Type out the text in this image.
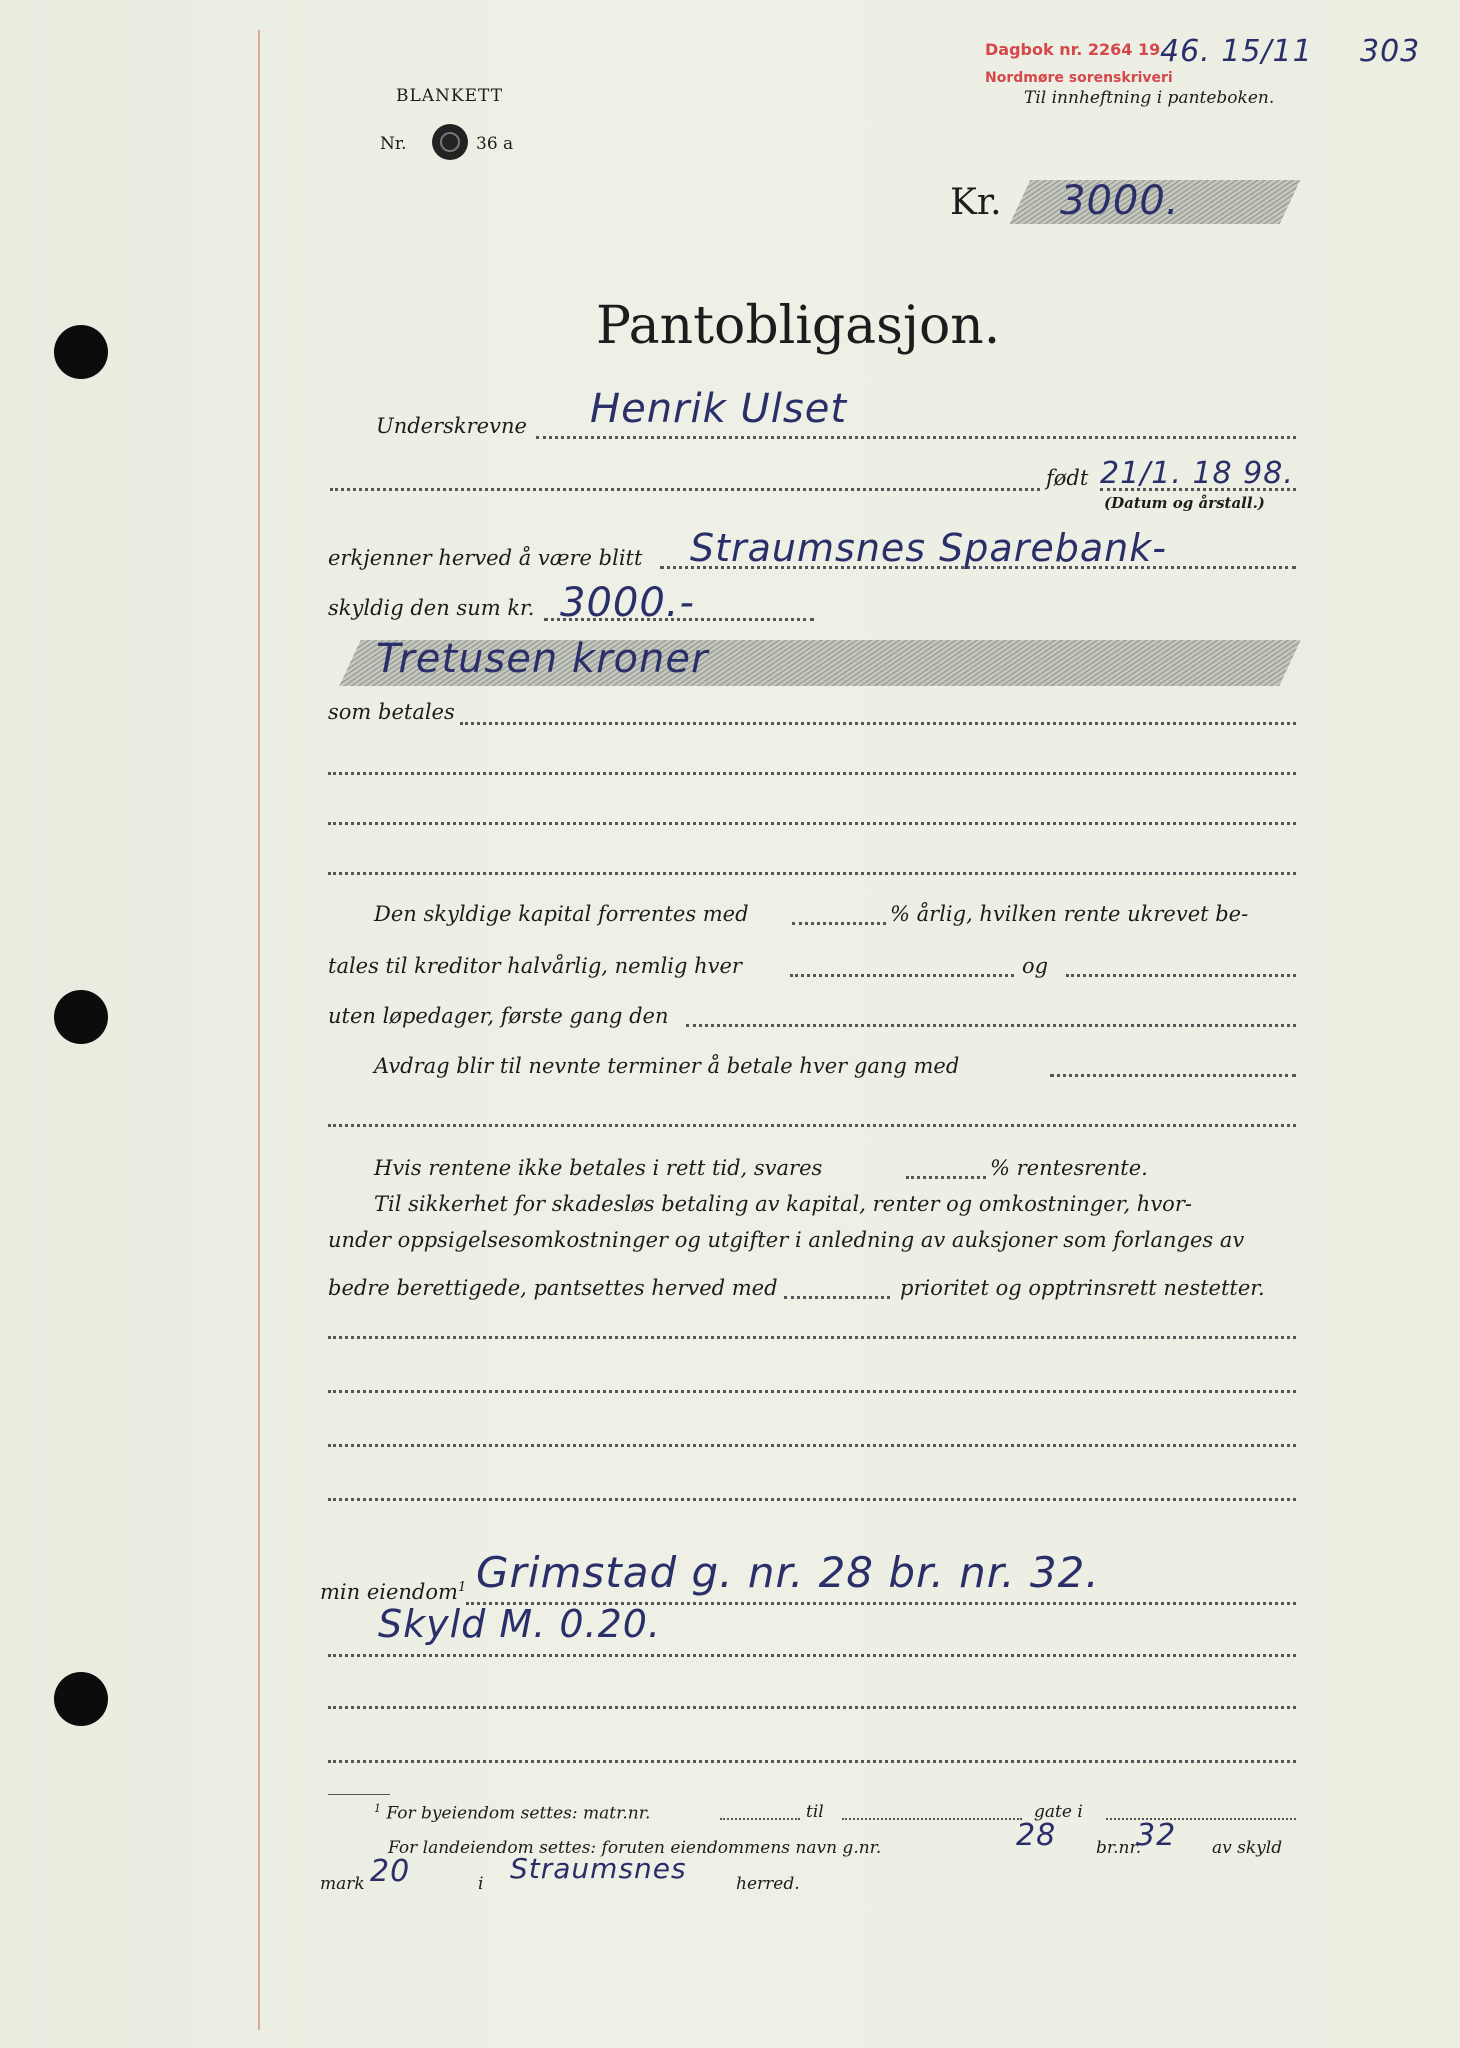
BLANKETT
Nr.	36 a
Dagbok nr. 2264 19
Nordmøre sorenskriveri
46. 15/11 303
Til innheftning i panteboken.
Kr. 3000.
Pantobligasjon.
Underskrevne Henrik Ulset
født 21/1. 18 98.
(Datum og årstall.)
erkjenner herved å være blitt Straumsnes Sparebank-
skyldig den sum kr. 3000.-
Tretusen kroner
som betales
Den skyldige kapital forrentes med	% årlig, hvilken rente ukrevet be-
tales til kreditor halvårlig, nemlig hver	og
uten løpedager, første gang den
Avdrag blir til nevnte terminer å betale hver gang med
Hvis rentene ikke betales i rett tid, svares	% rentesrente.
Til sikkerhet for skadesløs betaling av kapital, renter og omkostninger, hvor-
under oppsigelsesomkostninger og utgifter i anledning av auksjoner som forlanges av
bedre berettigede, pantsettes herved med	prioritet og opptrinsrett nestetter.
min eiendom$^1$ Grimstad g. nr. 28 br. nr. 32.
Skyld M. 0.20.
$^1$ For byeiendom settes: matr.nr.	til	gate i
For landeiendom settes: foruten eiendommens navn g.nr.	28 br.nr.
32 av skyld
mark 20	i Straumsnes	herred.
